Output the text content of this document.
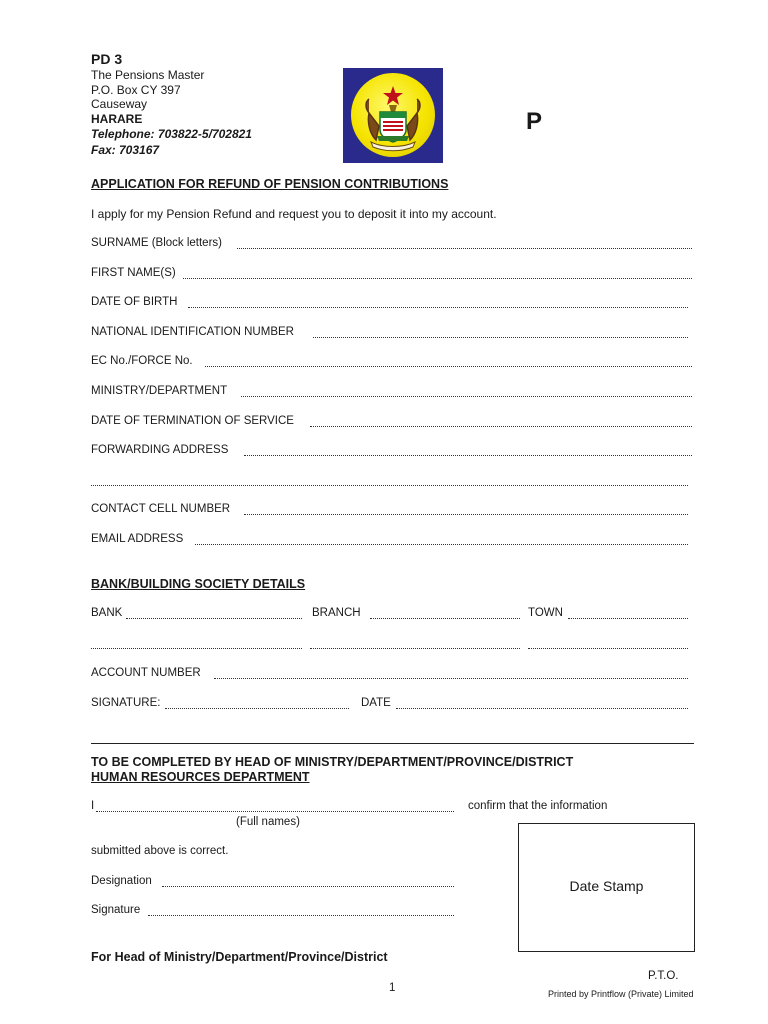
PD 3
The Pensions Master
P.O. Box CY 397
Causeway
HARARE
Telephone: 703822-5/702821
Fax: 703167
P
APPLICATION FOR REFUND OF PENSION CONTRIBUTIONS
I apply for my Pension Refund and request you to deposit it into my account.
SURNAME (Block letters)
FIRST NAME(S)
DATE OF BIRTH
NATIONAL IDENTIFICATION NUMBER
EC No./FORCE No.
MINISTRY/DEPARTMENT
DATE OF TERMINATION OF SERVICE
FORWARDING ADDRESS
CONTACT CELL NUMBER
EMAIL ADDRESS
BANK/BUILDING SOCIETY DETAILS
BANK	BRANCH	TOWN
ACCOUNT NUMBER
SIGNATURE:	DATE
TO BE COMPLETED BY HEAD OF MINISTRY/DEPARTMENT/PROVINCE/DISTRICT
HUMAN RESOURCES DEPARTMENT
I	confirm that the information
(Full names)
submitted above is correct.
Designation
Signature
Date Stamp
For Head of Ministry/Department/Province/District
P.T.O.
1	Printed by Printflow (Private) Limited
